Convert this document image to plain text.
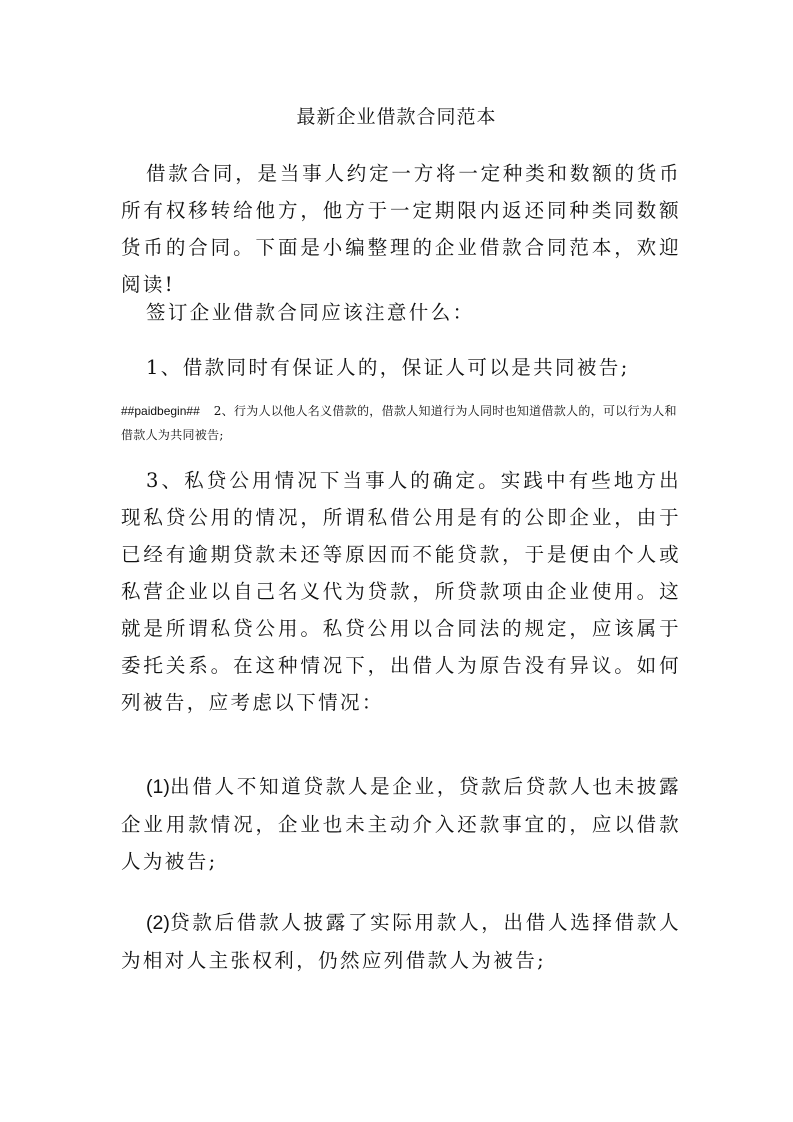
最新企业借款合同范本
借款合同，是当事人约定一方将一定种类和数额的货币所有权移转给他方，他方于一定期限内返还同种类同数额货币的合同。下面是小编整理的企业借款合同范本，欢迎阅读!
签订企业借款合同应该注意什么：
1、借款同时有保证人的，保证人可以是共同被告;
##paidbegin## 2、行为人以他人名义借款的，借款人知道行为人同时也知道借款人的，可以行为人和借款人为共同被告;
3、私贷公用情况下当事人的确定。实践中有些地方出现私贷公用的情况，所谓私借公用是有的公即企业，由于已经有逾期贷款未还等原因而不能贷款，于是便由个人或私营企业以自己名义代为贷款，所贷款项由企业使用。这就是所谓私贷公用。私贷公用以合同法的规定，应该属于委托关系。在这种情况下，出借人为原告没有异议。如何列被告，应考虑以下情况：
(1)出借人不知道贷款人是企业，贷款后贷款人也未披露企业用款情况，企业也未主动介入还款事宜的，应以借款人为被告;
(2)贷款后借款人披露了实际用款人，出借人选择借款人为相对人主张权利，仍然应列借款人为被告;
